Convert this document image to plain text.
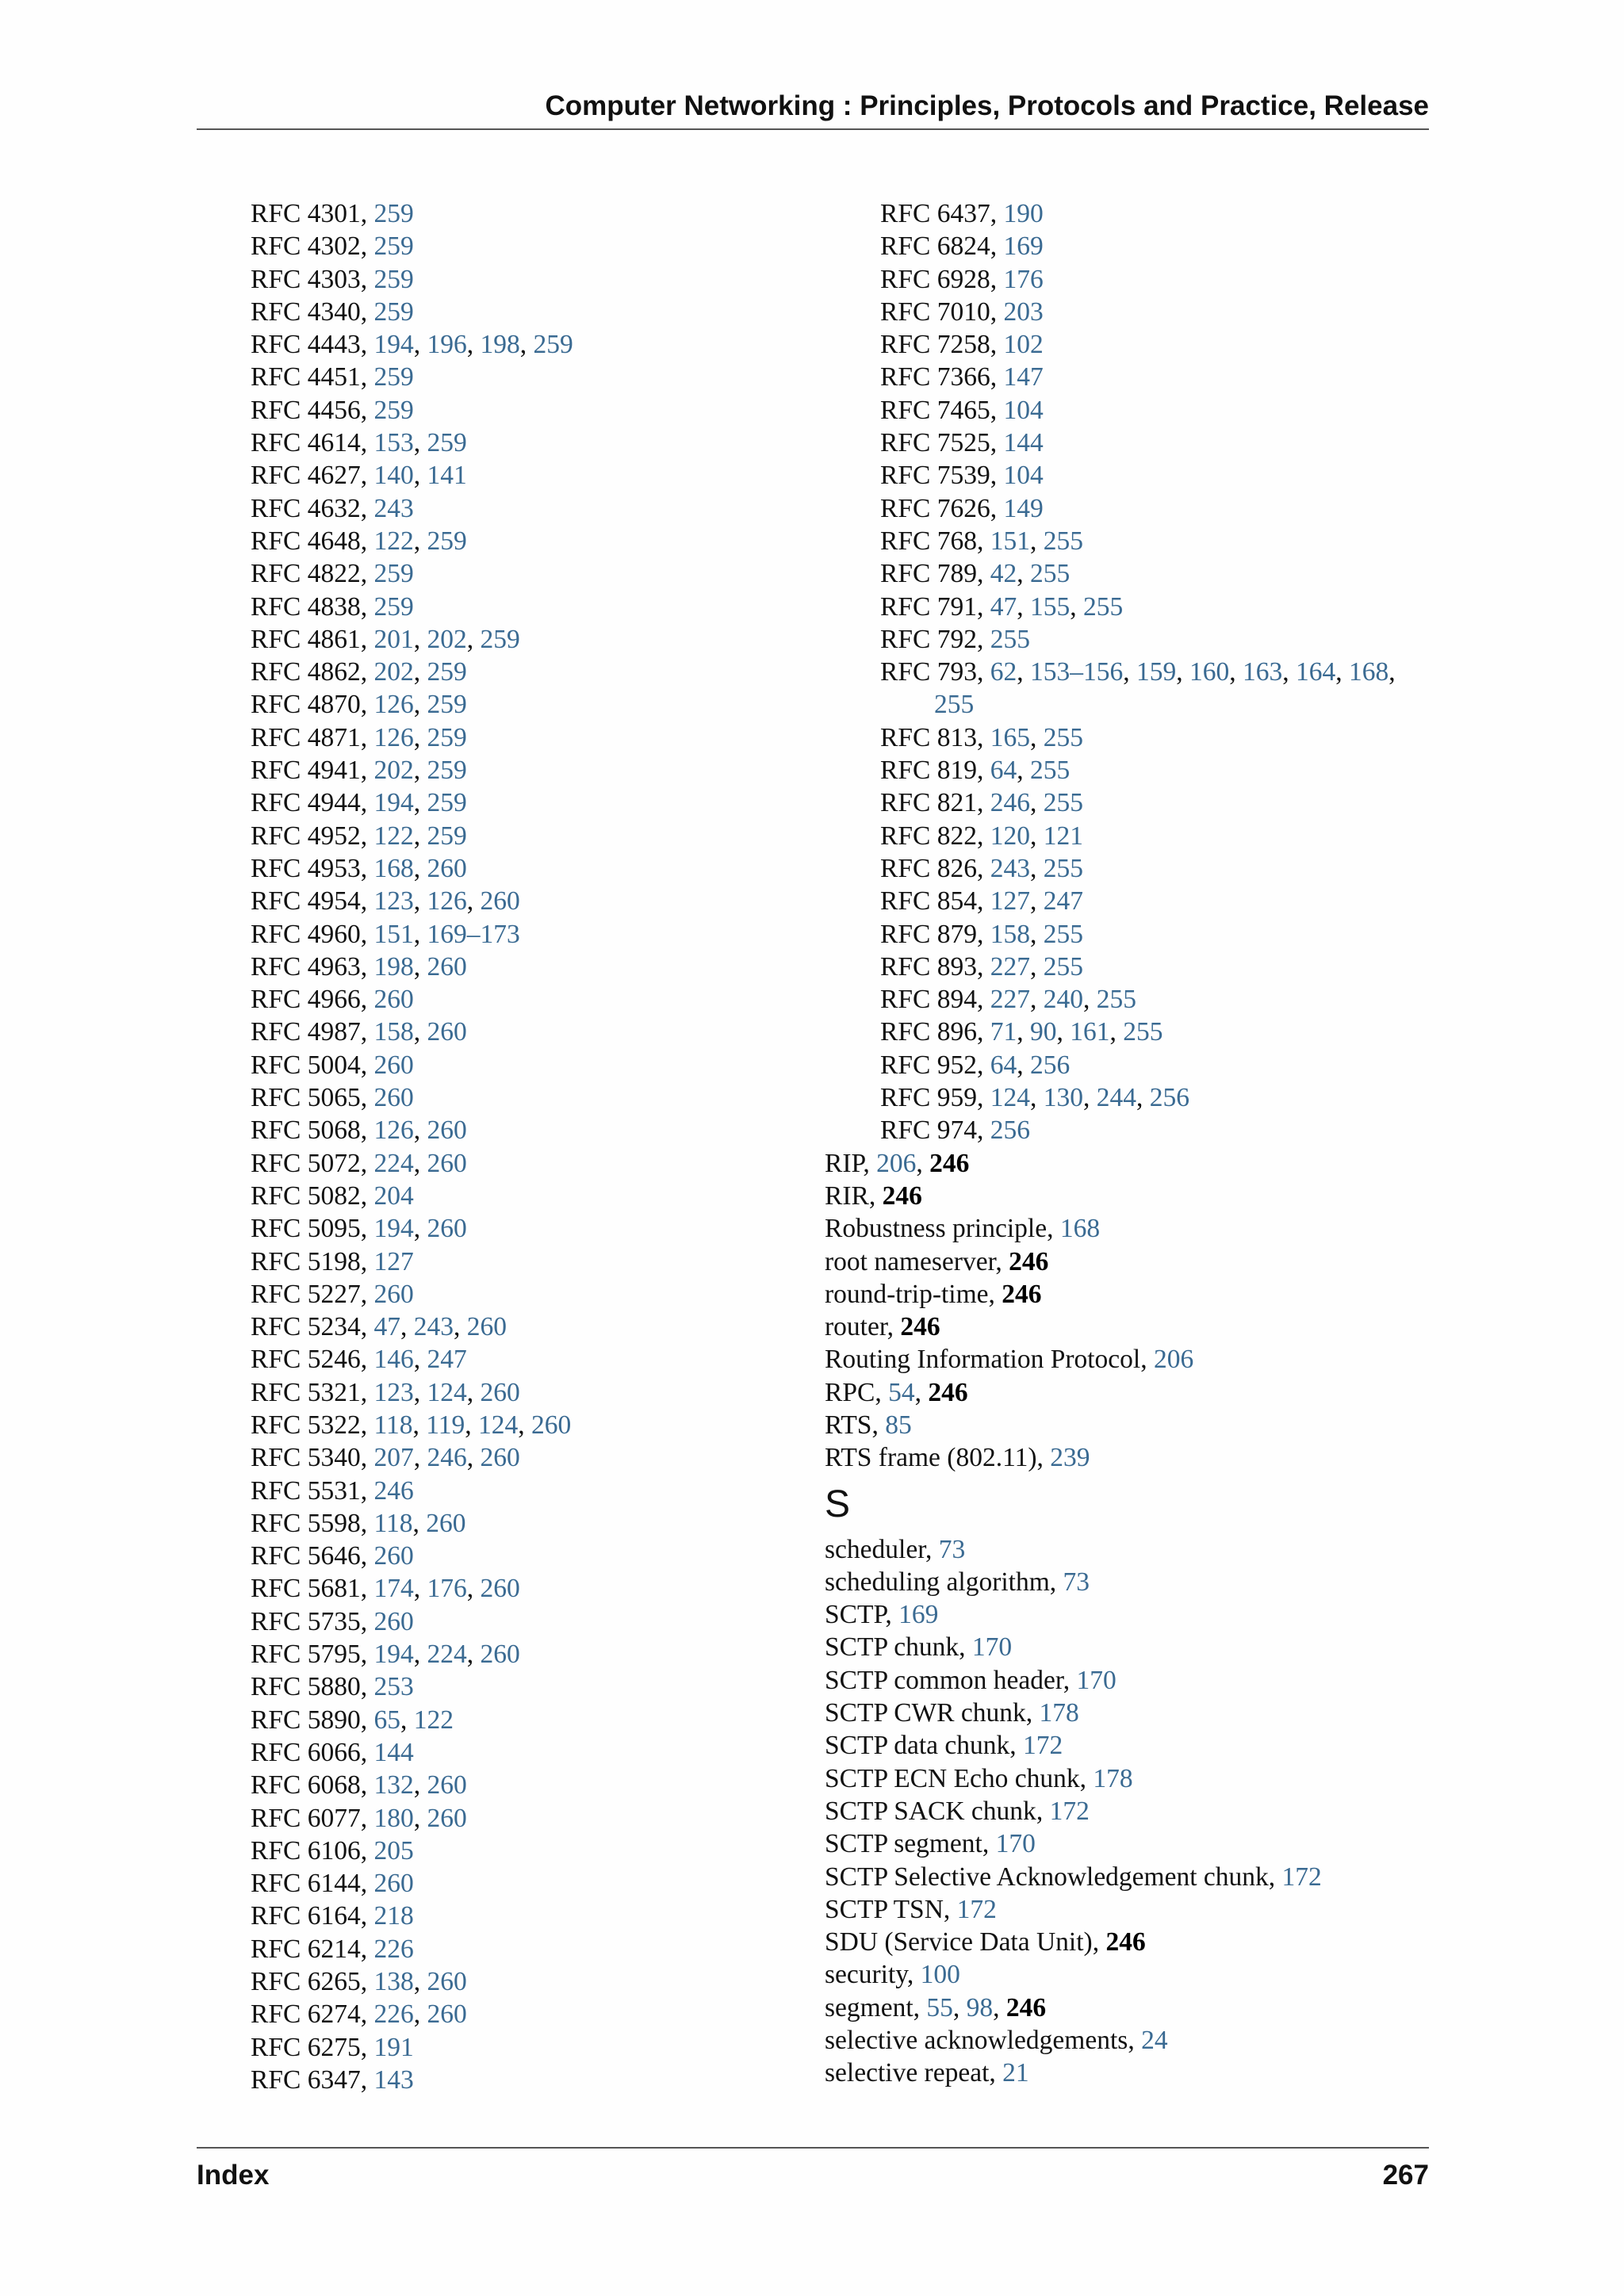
Computer Networking : Principles, Protocols and Practice, Release
RFC 4301, 259
RFC 4302, 259
RFC 4303, 259
RFC 4340, 259
RFC 4443, 194, 196, 198, 259
RFC 4451, 259
RFC 4456, 259
RFC 4614, 153, 259
RFC 4627, 140, 141
RFC 4632, 243
RFC 4648, 122, 259
RFC 4822, 259
RFC 4838, 259
RFC 4861, 201, 202, 259
RFC 4862, 202, 259
RFC 4870, 126, 259
RFC 4871, 126, 259
RFC 4941, 202, 259
RFC 4944, 194, 259
RFC 4952, 122, 259
RFC 4953, 168, 260
RFC 4954, 123, 126, 260
RFC 4960, 151, 169–173
RFC 4963, 198, 260
RFC 4966, 260
RFC 4987, 158, 260
RFC 5004, 260
RFC 5065, 260
RFC 5068, 126, 260
RFC 5072, 224, 260
RFC 5082, 204
RFC 5095, 194, 260
RFC 5198, 127
RFC 5227, 260
RFC 5234, 47, 243, 260
RFC 5246, 146, 247
RFC 5321, 123, 124, 260
RFC 5322, 118, 119, 124, 260
RFC 5340, 207, 246, 260
RFC 5531, 246
RFC 5598, 118, 260
RFC 5646, 260
RFC 5681, 174, 176, 260
RFC 5735, 260
RFC 5795, 194, 224, 260
RFC 5880, 253
RFC 5890, 65, 122
RFC 6066, 144
RFC 6068, 132, 260
RFC 6077, 180, 260
RFC 6106, 205
RFC 6144, 260
RFC 6164, 218
RFC 6214, 226
RFC 6265, 138, 260
RFC 6274, 226, 260
RFC 6275, 191
RFC 6347, 143
RFC 6437, 190
RFC 6824, 169
RFC 6928, 176
RFC 7010, 203
RFC 7258, 102
RFC 7366, 147
RFC 7465, 104
RFC 7525, 144
RFC 7539, 104
RFC 7626, 149
RFC 768, 151, 255
RFC 789, 42, 255
RFC 791, 47, 155, 255
RFC 792, 255
RFC 793, 62, 153–156, 159, 160, 163, 164, 168,
255
RFC 813, 165, 255
RFC 819, 64, 255
RFC 821, 246, 255
RFC 822, 120, 121
RFC 826, 243, 255
RFC 854, 127, 247
RFC 879, 158, 255
RFC 893, 227, 255
RFC 894, 227, 240, 255
RFC 896, 71, 90, 161, 255
RFC 952, 64, 256
RFC 959, 124, 130, 244, 256
RFC 974, 256
RIP, 206, 246
RIR, 246
Robustness principle, 168
root nameserver, 246
round-trip-time, 246
router, 246
Routing Information Protocol, 206
RPC, 54, 246
RTS, 85
RTS frame (802.11), 239
S
scheduler, 73
scheduling algorithm, 73
SCTP, 169
SCTP chunk, 170
SCTP common header, 170
SCTP CWR chunk, 178
SCTP data chunk, 172
SCTP ECN Echo chunk, 178
SCTP SACK chunk, 172
SCTP segment, 170
SCTP Selective Acknowledgement chunk, 172
SCTP TSN, 172
SDU (Service Data Unit), 246
security, 100
segment, 55, 98, 246
selective acknowledgements, 24
selective repeat, 21
Index	267
